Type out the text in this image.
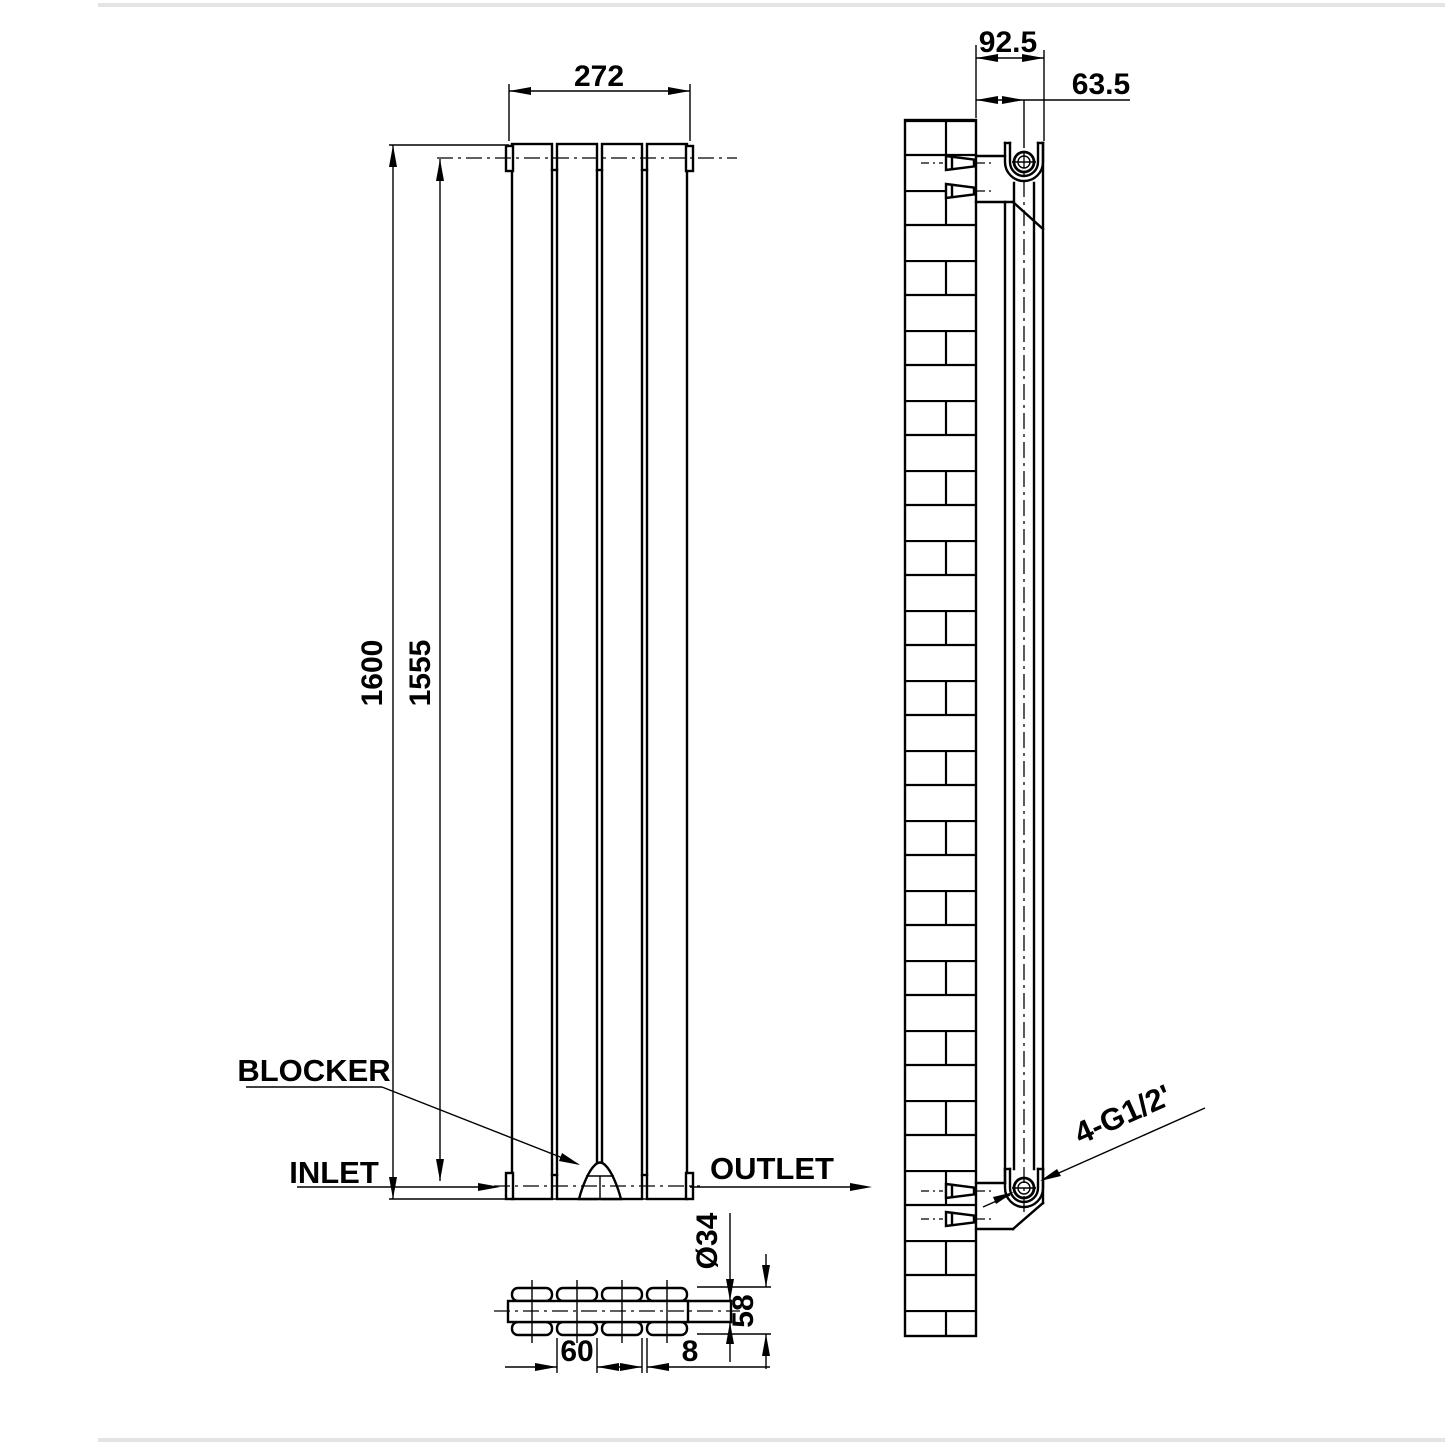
272
1600 1555
BLOCKER
INLET	OUTLET
60	8
Ø34
58
92.5
63.5
4-G1/2'
